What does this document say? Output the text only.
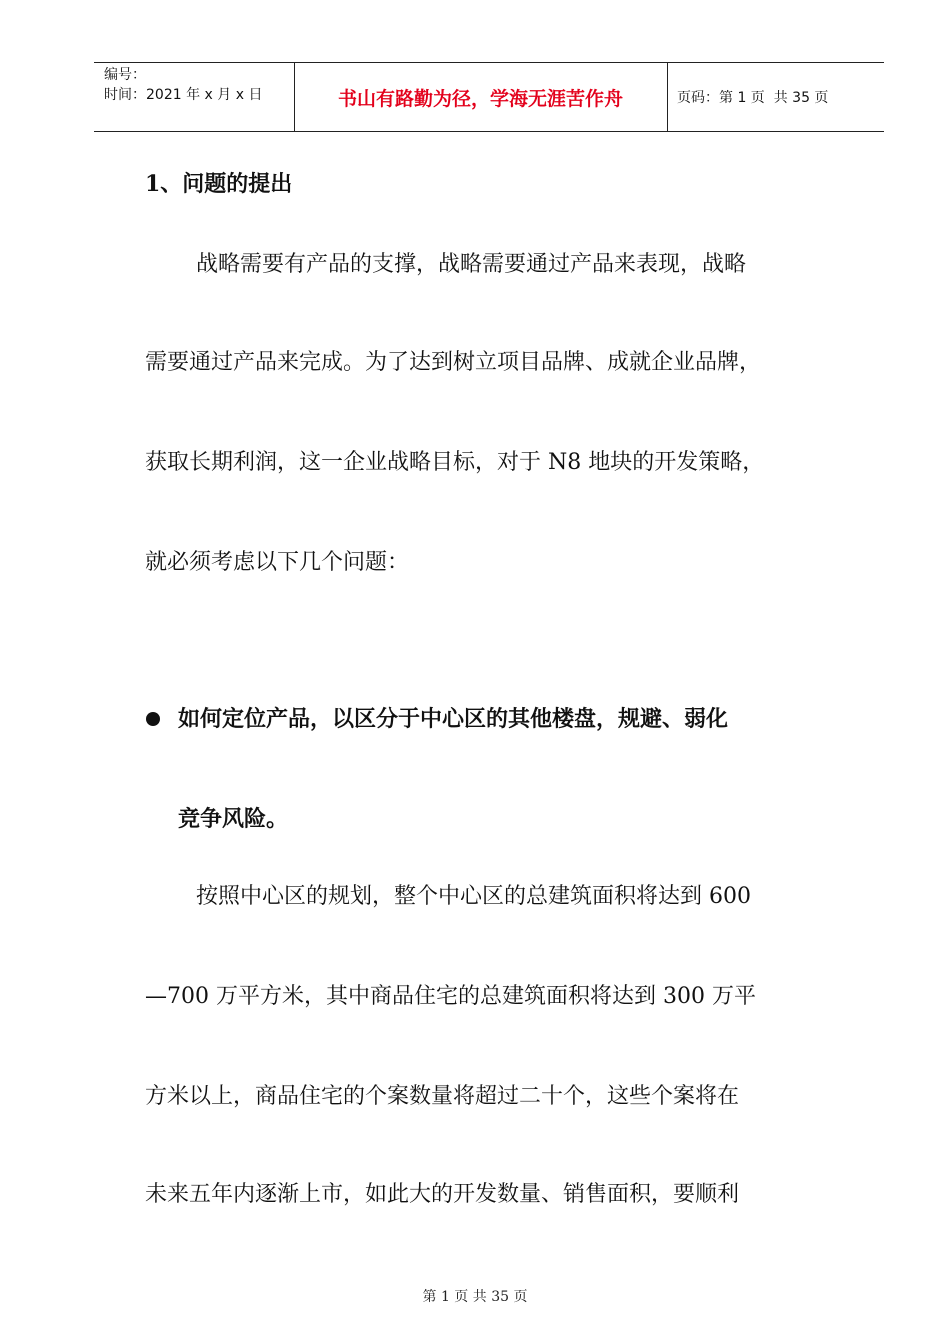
编号：
时间：2021 年 x 月 x 日	书山有路勤为径，学海无涯苦作舟	页码：第 1 页  共 35 页
1、问题的提出
战略需要有产品的支撑，战略需要通过产品来表现，战略
需要通过产品来完成。为了达到树立项目品牌、成就企业品牌，
获取长期利润，这一企业战略目标，对于 N8 地块的开发策略，
就必须考虑以下几个问题：
如何定位产品，以区分于中心区的其他楼盘，规避、弱化
竞争风险。
按照中心区的规划，整个中心区的总建筑面积将达到 600
—700 万平方米，其中商品住宅的总建筑面积将达到 300 万平
方米以上，商品住宅的个案数量将超过二十个，这些个案将在
未来五年内逐渐上市，如此大的开发数量、销售面积，要顺利
第 1 页 共 35 页
